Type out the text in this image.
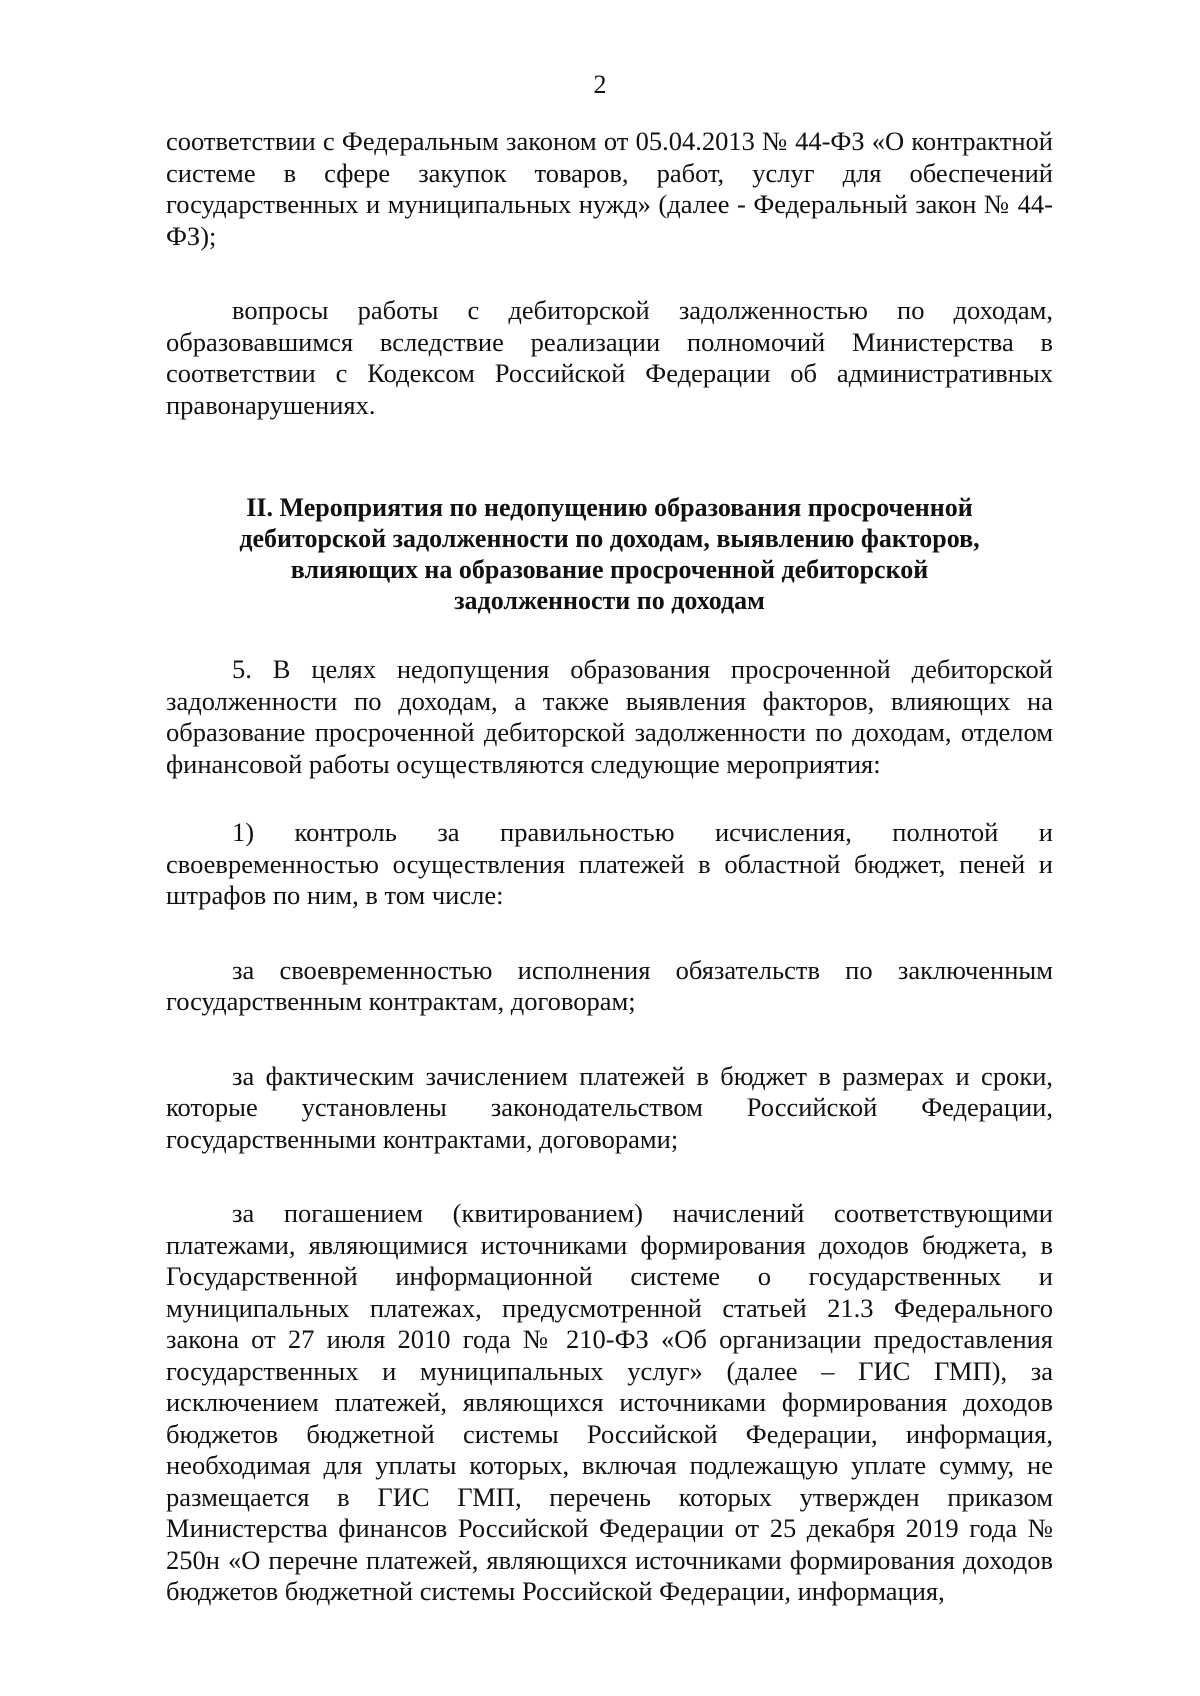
2

соответствии с Федеральным законом от 05.04.2013 № 44-ФЗ «О контрактной системе в сфере закупок товаров, работ, услуг для обеспечений государственных и муниципальных нужд» (далее - Федеральный закон № 44-ФЗ);

вопросы работы с дебиторской задолженностью по доходам, образовавшимся вследствие реализации полномочий Министерства в соответствии с Кодексом Российской Федерации об административных правонарушениях.

II. Мероприятия по недопущению образования просроченной дебиторской задолженности по доходам, выявлению факторов, влияющих на образование просроченной дебиторской задолженности по доходам

5. В целях недопущения образования просроченной дебиторской задолженности по доходам, а также выявления факторов, влияющих на образование просроченной дебиторской задолженности по доходам, отделом финансовой работы осуществляются следующие мероприятия:

1) контроль за правильностью исчисления, полнотой и своевременностью осуществления платежей в областной бюджет, пеней и штрафов по ним, в том числе:

за своевременностью исполнения обязательств по заключенным государственным контрактам, договорам;

за фактическим зачислением платежей в бюджет в размерах и сроки, которые установлены законодательством Российской Федерации, государственными контрактами, договорами;

за погашением (квитированием) начислений соответствующими платежами, являющимися источниками формирования доходов бюджета, в Государственной информационной системе о государственных и муниципальных платежах, предусмотренной статьей 21.3 Федерального закона от 27 июля 2010 года № 210-ФЗ «Об организации предоставления государственных и муниципальных услуг» (далее – ГИС ГМП), за исключением платежей, являющихся источниками формирования доходов бюджетов бюджетной системы Российской Федерации, информация, необходимая для уплаты которых, включая подлежащую уплате сумму, не размещается в ГИС ГМП, перечень которых утвержден приказом Министерства финансов Российской Федерации от 25 декабря 2019 года № 250н «О перечне платежей, являющихся источниками формирования доходов бюджетов бюджетной системы Российской Федерации, информация,
